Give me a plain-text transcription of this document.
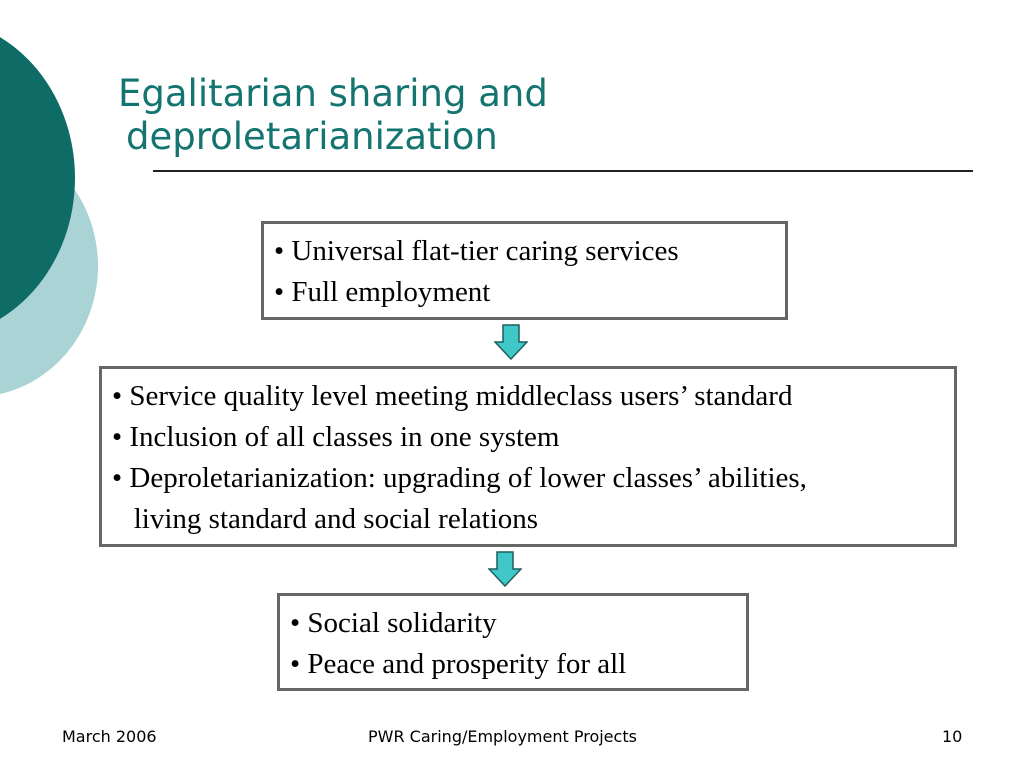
Egalitarian sharing and
deproletarianization
• Universal flat-tier caring services
• Full employment
• Service quality level meeting middleclass users’ standard
• Inclusion of all classes in one system
• Deproletarianization: upgrading of lower classes’ abilities,
living standard and social relations
• Social solidarity
• Peace and prosperity for all
March 2006	PWR Caring/Employment Projects	10
